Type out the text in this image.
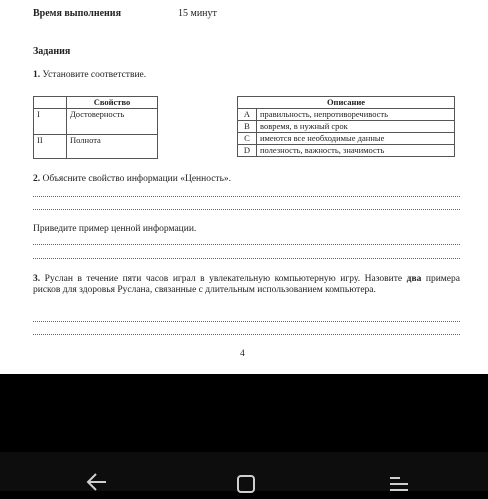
Время выполнения	15 минут
Задания
1. Установите соответствие.
	Свойство
I	Достоверность
II	Полнота
Описание	
A	правильность, непротиворечивость
B	вовремя, в нужный срок
C	имеются все необходимые данные
D	полезность, важность, значимость
2. Объясните свойство информации «Ценность».
Приведите пример ценной информации.
3. Руслан в течение пяти часов играл в увлекательную компьютерную игру. Назовите два примера рисков для здоровья Руслана, связанные с длительным использованием компьютера.
4
